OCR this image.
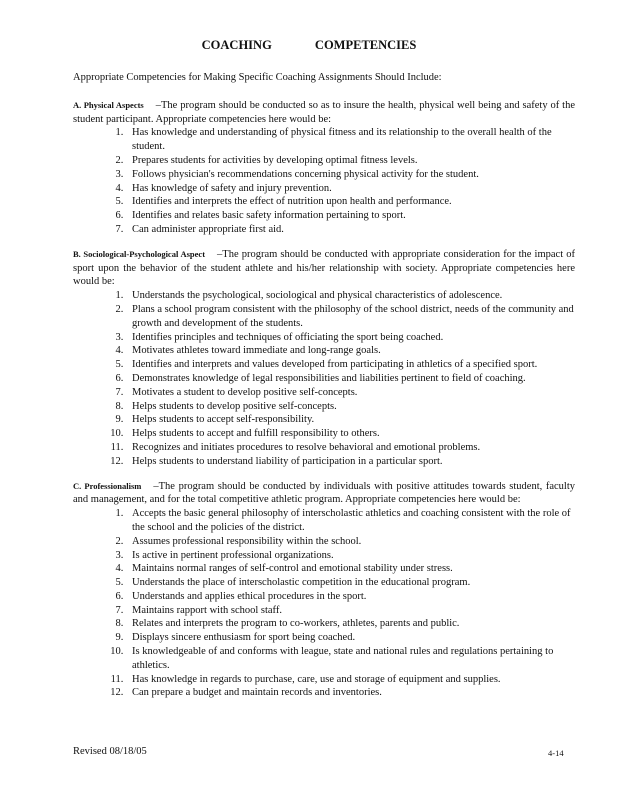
COACHING COMPETENCIES

Appropriate Competencies for Making Specific Coaching Assignments Should Include:

A. Physical Aspects –The program should be conducted so as to insure the health, physical well being and safety of the student participant. Appropriate competencies here would be:

1. Has knowledge and understanding of physical fitness and its relationship to the overall health of the student.
2. Prepares students for activities by developing optimal fitness levels.
3. Follows physician's recommendations concerning physical activity for the student.
4. Has knowledge of safety and injury prevention.
5. Identifies and interprets the effect of nutrition upon health and performance.
6. Identifies and relates basic safety information pertaining to sport.
7. Can administer appropriate first aid.

B. Sociological-Psychological Aspect –The program should be conducted with appropriate consideration for the impact of sport upon the behavior of the student athlete and his/her relationship with society. Appropriate competencies here would be:

1. Understands the psychological, sociological and physical characteristics of adolescence.
2. Plans a school program consistent with the philosophy of the school district, needs of the community and growth and development of the students.
3. Identifies principles and techniques of officiating the sport being coached.
4. Motivates athletes toward immediate and long-range goals.
5. Identifies and interprets and values developed from participating in athletics of a specified sport.
6. Demonstrates knowledge of legal responsibilities and liabilities pertinent to field of coaching.
7. Motivates a student to develop positive self-concepts.
8. Helps students to develop positive self-concepts.
9. Helps students to accept self-responsibility.
10. Helps students to accept and fulfill responsibility to others.
11. Recognizes and initiates procedures to resolve behavioral and emotional problems.
12. Helps students to understand liability of participation in a particular sport.

C. Professionalism –The program should be conducted by individuals with positive attitudes towards student, faculty and management, and for the total competitive athletic program. Appropriate competencies here would be:

1. Accepts the basic general philosophy of interscholastic athletics and coaching consistent with the role of the school and the policies of the district.
2. Assumes professional responsibility within the school.
3. Is active in pertinent professional organizations.
4. Maintains normal ranges of self-control and emotional stability under stress.
5. Understands the place of interscholastic competition in the educational program.
6. Understands and applies ethical procedures in the sport.
7. Maintains rapport with school staff.
8. Relates and interprets the program to co-workers, athletes, parents and public.
9. Displays sincere enthusiasm for sport being coached.
10. Is knowledgeable of and conforms with league, state and national rules and regulations pertaining to athletics.
11. Has knowledge in regards to purchase, care, use and storage of equipment and supplies.
12. Can prepare a budget and maintain records and inventories.
Revised 08/18/05	4-14
